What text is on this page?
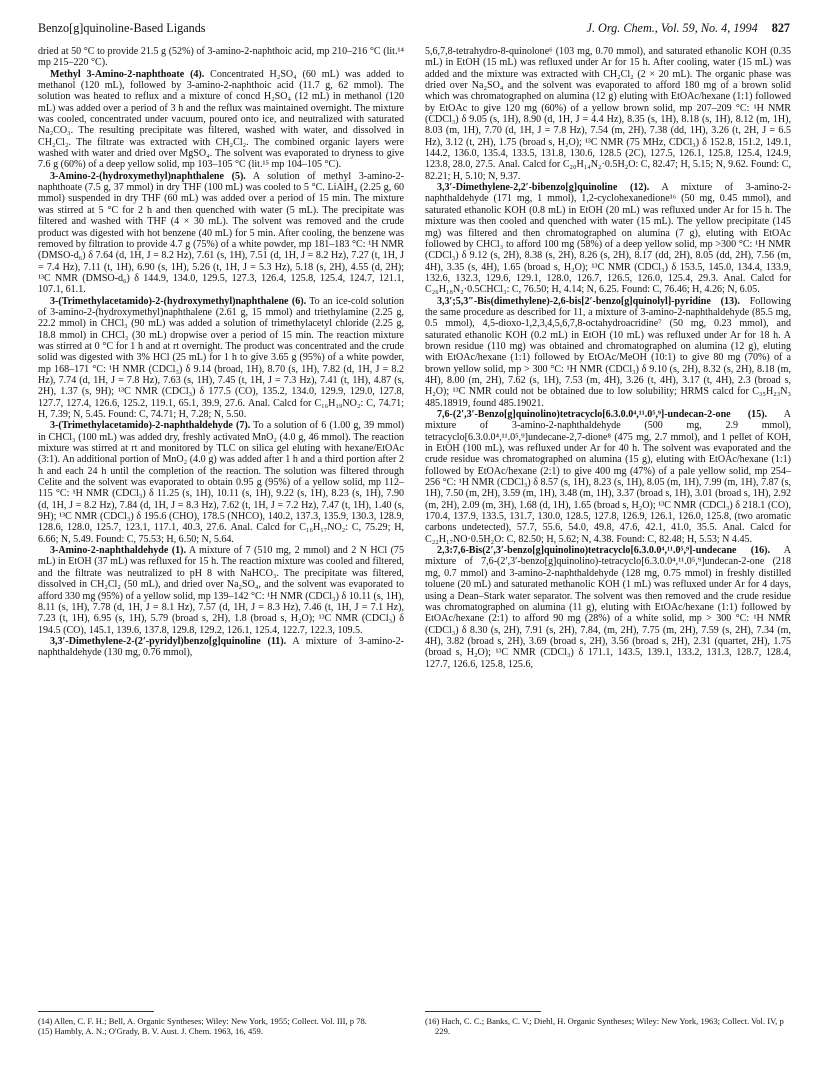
Benzo[g]quinoline-Based Ligands	J. Org. Chem., Vol. 59, No. 4, 1994 827

dried at 50 °C to provide 21.5 g (52%) of 3-amino-2-naphthoic acid, mp 210–216 °C (lit.¹⁴ mp 215–220 °C).

Methyl 3-Amino-2-naphthoate (4). Concentrated H₂SO₄ (60 mL) was added to methanol (120 mL), followed by 3-amino-2-naphthoic acid (11.7 g, 62 mmol). The solution was heated to reflux and a mixture of concd H₂SO₄ (12 mL) in methanol (120 mL) was added over a period of 3 h and the reflux was maintained overnight. The mixture was cooled, concentrated under vacuum, poured onto ice, and neutralized with saturated Na₂CO₃. The resulting precipitate was filtered, washed with water, and dissolved in CH₂Cl₂. The filtrate was extracted with CH₂Cl₂. The combined organic layers were washed with water and dried over MgSO₄. The solvent was evaporated to dryness to give 7.6 g (60%) of a deep yellow solid, mp 103–105 °C (lit.¹⁵ mp 104–105 °C).

3-Amino-2-(hydroxymethyl)naphthalene (5). A solution of methyl 3-amino-2-naphthoate (7.5 g, 37 mmol) in dry THF (100 mL) was cooled to 5 °C. LiAlH₄ (2.25 g, 60 mmol) suspended in dry THF (60 mL) was added over a period of 15 min. The mixture was stirred at 5 °C for 2 h and then quenched with water (5 mL). The precipitate was filtered and washed with THF (4 × 30 mL). The solvent was removed and the crude product was digested with hot benzene (40 mL) for 5 min. After cooling, the benzene was removed by filtration to provide 4.7 g (75%) of a white powder, mp 181–183 °C: ¹H NMR (DMSO-d₆) δ 7.64 (d, 1H, J = 8.2 Hz), 7.61 (s, 1H), 7.51 (d, 1H, J = 8.2 Hz), 7.27 (t, 1H, J = 7.4 Hz), 7.11 (t, 1H), 6.90 (s, 1H), 5.26 (t, 1H, J = 5.3 Hz), 5.18 (s, 2H), 4.55 (d, 2H); ¹³C NMR (DMSO-d₆) δ 144.9, 134.0, 129.5, 127.3, 126.4, 125.8, 125.4, 124.7, 121.1, 107.1, 61.1.

3-(Trimethylacetamido)-2-(hydroxymethyl)naphthalene (6). To an ice-cold solution of 3-amino-2-(hydroxymethyl)naphthalene (2.61 g, 15 mmol) and triethylamine (2.25 g, 22.2 mmol) in CHCl₃ (90 mL) was added a solution of trimethylacetyl chloride (2.25 g, 18.8 mmol) in CHCl₃ (30 mL) dropwise over a period of 15 min. The reaction mixture was stirred at 0 °C for 1 h and at rt overnight. The product was concentrated and the crude solid was digested with 3% HCl (25 mL) for 1 h to give 3.65 g (95%) of a white powder, mp 168–171 °C: ¹H NMR (CDCl₃) δ 9.14 (broad, 1H), 8.70 (s, 1H), 7.82 (d, 1H, J = 8.2 Hz), 7.74 (d, 1H, J = 7.8 Hz), 7.63 (s, 1H), 7.45 (t, 1H, J = 7.3 Hz), 7.41 (t, 1H), 4.87 (s, 2H), 1.37 (s, 9H); ¹³C NMR (CDCl₃) δ 177.5 (CO), 135.2, 134.0, 129.9, 129.0, 127.8, 127.7, 127.4, 126.6, 125.2, 119.1, 65.1, 39.9, 27.6. Anal. Calcd for C₁₆H₁₉NO₂: C, 74.71; H, 7.39; N, 5.45. Found: C, 74.71; H, 7.28; N, 5.50.

3-(Trimethylacetamido)-2-naphthaldehyde (7). To a solution of 6 (1.00 g, 39 mmol) in CHCl₃ (100 mL) was added dry, freshly activated MnO₂ (4.0 g, 46 mmol). The reaction mixture was stirred at rt and monitored by TLC on silica gel eluting with hexane/EtOAc (3:1). An additional portion of MnO₂ (4.0 g) was added after 1 h and a third portion after 2 h and each 24 h until the completion of the reaction. The solution was filtered through Celite and the solvent was evaporated to obtain 0.95 g (95%) of a yellow solid, mp 112–115 °C: ¹H NMR (CDCl₃) δ 11.25 (s, 1H), 10.11 (s, 1H), 9.22 (s, 1H), 8.23 (s, 1H), 7.90 (d, 1H, J = 8.2 Hz), 7.84 (d, 1H, J = 8.3 Hz), 7.62 (t, 1H, J = 7.2 Hz), 7.47 (t, 1H), 1.40 (s, 9H); ¹³C NMR (CDCl₃) δ 195.6 (CHO), 178.5 (NHCO), 140.2, 137.3, 135.9, 130.3, 128.9, 128.6, 128.0, 125.7, 123.1, 117.1, 40.3, 27.6. Anal. Calcd for C₁₆H₁₇NO₂: C, 75.29; H, 6.66; N, 5.49. Found: C, 75.53; H, 6.50; N, 5.64.

3-Amino-2-naphthaldehyde (1). A mixture of 7 (510 mg, 2 mmol) and 2 N HCl (75 mL) in EtOH (37 mL) was refluxed for 15 h. The reaction mixture was cooled and filtered, and the filtrate was neutralized to pH 8 with NaHCO₃. The precipitate was filtered, dissolved in CH₂Cl₂ (50 mL), and dried over Na₂SO₄, and the solvent was evaporated to afford 330 mg (95%) of a yellow solid, mp 139–142 °C: ¹H NMR (CDCl₃) δ 10.11 (s, 1H), 8.11 (s, 1H), 7.78 (d, 1H, J = 8.1 Hz), 7.57 (d, 1H, J = 8.3 Hz), 7.46 (t, 1H, J = 7.1 Hz), 7.23 (t, 1H), 6.95 (s, 1H), 5.79 (broad s, 2H), 1.8 (broad s, H₂O); ¹³C NMR (CDCl₃) δ 194.5 (CO), 145.1, 139.6, 137.8, 129.8, 129.2, 126.1, 125.4, 122.7, 122.3, 109.5.

3,3′-Dimethylene-2-(2′-pyridyl)benzo[g]quinoline (11). A mixture of 3-amino-2-naphthaldehyde (130 mg, 0.76 mmol),

5,6,7,8-tetrahydro-8-quinolone⁶ (103 mg, 0.70 mmol), and saturated ethanolic KOH (0.35 mL) in EtOH (15 mL) was refluxed under Ar for 15 h. After cooling, water (15 mL) was added and the mixture was extracted with CH₂Cl₂ (2 × 20 mL). The organic phase was dried over Na₂SO₄ and the solvent was evaporated to afford 180 mg of a brown solid which was chromatographed on alumina (12 g) eluting with EtOAc/hexane (1:1) followed by EtOAc to give 120 mg (60%) of a yellow brown solid, mp 207–209 °C: ¹H NMR (CDCl₃) δ 9.05 (s, 1H), 8.90 (d, 1H, J = 4.4 Hz), 8.35 (s, 1H), 8.18 (s, 1H), 8.12 (m, 1H), 8.03 (m, 1H), 7.70 (d, 1H, J = 7.8 Hz), 7.54 (m, 2H), 7.38 (dd, 1H), 3.26 (t, 2H, J = 6.5 Hz), 3.12 (t, 2H), 1.75 (broad s, H₂O); ¹³C NMR (75 MHz, CDCl₃) δ 152.8, 151.2, 149.1, 144.2, 136.0, 135.4, 133.5, 131.8, 130.6, 128.5 (2C), 127.5, 126.1, 125.8, 125.4, 124.9, 123.8, 28.0, 27.5. Anal. Calcd for C₂₀H₁₄N₂·0.5H₂O: C, 82.47; H, 5.15; N, 9.62. Found: C, 82.21; H, 5.10; N, 9.37.

3,3′-Dimethylene-2,2′-bibenzo[g]quinoline (12). A mixture of 3-amino-2-naphthaldehyde (171 mg, 1 mmol), 1,2-cyclohexanedione¹⁶ (50 mg, 0.45 mmol), and saturated ethanolic KOH (0.8 mL) in EtOH (20 mL) was refluxed under Ar for 15 h. The mixture was then cooled and quenched with water (15 mL). The yellow precipitate (145 mg) was filtered and then chromatographed on alumina (7 g), eluting with EtOAc followed by CHCl₃ to afford 100 mg (58%) of a deep yellow solid, mp >300 °C: ¹H NMR (CDCl₃) δ 9.12 (s, 2H), 8.38 (s, 2H), 8.26 (s, 2H), 8.17 (dd, 2H), 8.05 (dd, 2H), 7.56 (m, 4H), 3.35 (s, 4H), 1.65 (broad s, H₂O); ¹³C NMR (CDCl₃) δ 153.5, 145.0, 134.4, 133.9, 132.6, 132.3, 129.6, 129.1, 128.0, 126.7, 126.5, 126.0, 125.4, 29.3. Anal. Calcd for C₂₆H₁₈N₂·0.5CHCl₃: C, 76.50; H, 4.14; N, 6.25. Found: C, 76.46; H, 4.26; N, 6.05.

3,3′;5,3″-Bis(dimethylene)-2,6-bis[2′-benzo[g]quinolyl]-pyridine (13). Following the same procedure as described for 11, a mixture of 3-amino-2-naphthaldehyde (85.5 mg, 0.5 mmol), 4,5-dioxo-1,2,3,4,5,6,7,8-octahydroacridine⁷ (50 mg, 0.23 mmol), and saturated ethanolic KOH (0.2 mL) in EtOH (10 mL) was refluxed under Ar for 18 h. A brown residue (110 mg) was obtained and chromatographed on alumina (12 g), eluting with EtOAc/hexane (1:1) followed by EtOAc/MeOH (10:1) to give 80 mg (70%) of a brown yellow solid, mp > 300 °C: ¹H NMR (CDCl₃) δ 9.10 (s, 2H), 8.32 (s, 2H), 8.18 (m, 4H), 8.00 (m, 2H), 7.62 (s, 1H), 7.53 (m, 4H), 3.26 (t, 4H), 3.17 (t, 4H), 2.3 (broad s, H₂O); ¹³C NMR could not be obtained due to low solubility; HRMS calcd for C₃₅H₂₃N₃ 485.18919, found 485.19021.

7,6-(2′,3′-Benzo[g]quinolino)tetracyclo[6.3.0.0⁴,¹¹.0⁵,⁹]-undecan-2-one (15). A mixture of 3-amino-2-naphthaldehyde (500 mg, 2.9 mmol), tetracyclo[6.3.0.0⁴,¹¹.0⁵,⁹]undecane-2,7-dione⁸ (475 mg, 2.7 mmol), and 1 pellet of KOH, in EtOH (100 mL), was refluxed under Ar for 40 h. The solvent was evaporated and the crude residue was chromatographed on alumina (15 g), eluting with EtOAc/hexane (1:1) followed by EtOAc/hexane (2:1) to give 400 mg (47%) of a pale yellow solid, mp 254–256 °C: ¹H NMR (CDCl₃) δ 8.57 (s, 1H), 8.23 (s, 1H), 8.05 (m, 1H), 7.99 (m, 1H), 7.87 (s, 1H), 7.50 (m, 2H), 3.59 (m, 1H), 3.48 (m, 1H), 3.37 (broad s, 1H), 3.01 (broad s, 1H), 2.92 (m, 2H), 2.09 (m, 3H), 1.68 (d, 1H), 1.65 (broad s, H₂O); ¹³C NMR (CDCl₃) δ 218.1 (CO), 170.4, 137.9, 133.5, 131.7, 130.0, 128.5, 127.8, 126.9, 126.1, 126.0, 125.8, (two aromatic carbons undetected), 57.7, 55.6, 54.0, 49.8, 47.6, 42.1, 41.0, 35.5. Anal. Calcd for C₂₂H₁₇NO·0.5H₂O: C, 82.50; H, 5.62; N, 4.38. Found: C, 82.48; H, 5.53; N 4.45.

2,3:7,6-Bis(2′,3′-benzo[g]quinolino)tetracyclo[6.3.0.0⁴,¹¹.0⁵,⁹]-undecane (16). A mixture of 7,6-(2′,3′-benzo[g]quinolino)-tetracyclo[6.3.0.0⁴,¹¹.0⁵,⁹]undecan-2-one (218 mg, 0.7 mmol) and 3-amino-2-naphthaldehyde (128 mg, 0.75 mmol) in freshly distilled toluene (20 mL) and saturated methanolic KOH (1 mL) was refluxed under Ar for 4 days, using a Dean–Stark water separator. The solvent was then removed and the crude residue was chromatographed on alumina (11 g), eluting with EtOAc/hexane (1:1) followed by EtOAc/hexane (2:1) to afford 90 mg (28%) of a white solid, mp > 300 °C: ¹H NMR (CDCl₃) δ 8.30 (s, 2H), 7.91 (s, 2H), 7.84, (m, 2H), 7.75 (m, 2H), 7.59 (s, 2H), 7.34 (m, 4H), 3.82 (broad s, 2H), 3.69 (broad s, 2H), 3.56 (broad s, 2H), 2.31 (quartet, 2H), 1.75 (broad s, H₂O); ¹³C NMR (CDCl₃) δ 171.1, 143.5, 139.1, 133.2, 131.3, 128.7, 128.4, 127.7, 126.6, 125.8, 125.6,

(14) Allen, C. F. H.; Bell, A. Organic Syntheses; Wiley: New York, 1955; Collect. Vol. III, p 78.

(15) Hambly, A. N.; O'Grady, B. V. Aust. J. Chem. 1963, 16, 459.

(16) Hach, C. C.; Banks, C. V.; Diehl, H. Organic Syntheses; Wiley: New York, 1963; Collect. Vol. IV, p 229.
